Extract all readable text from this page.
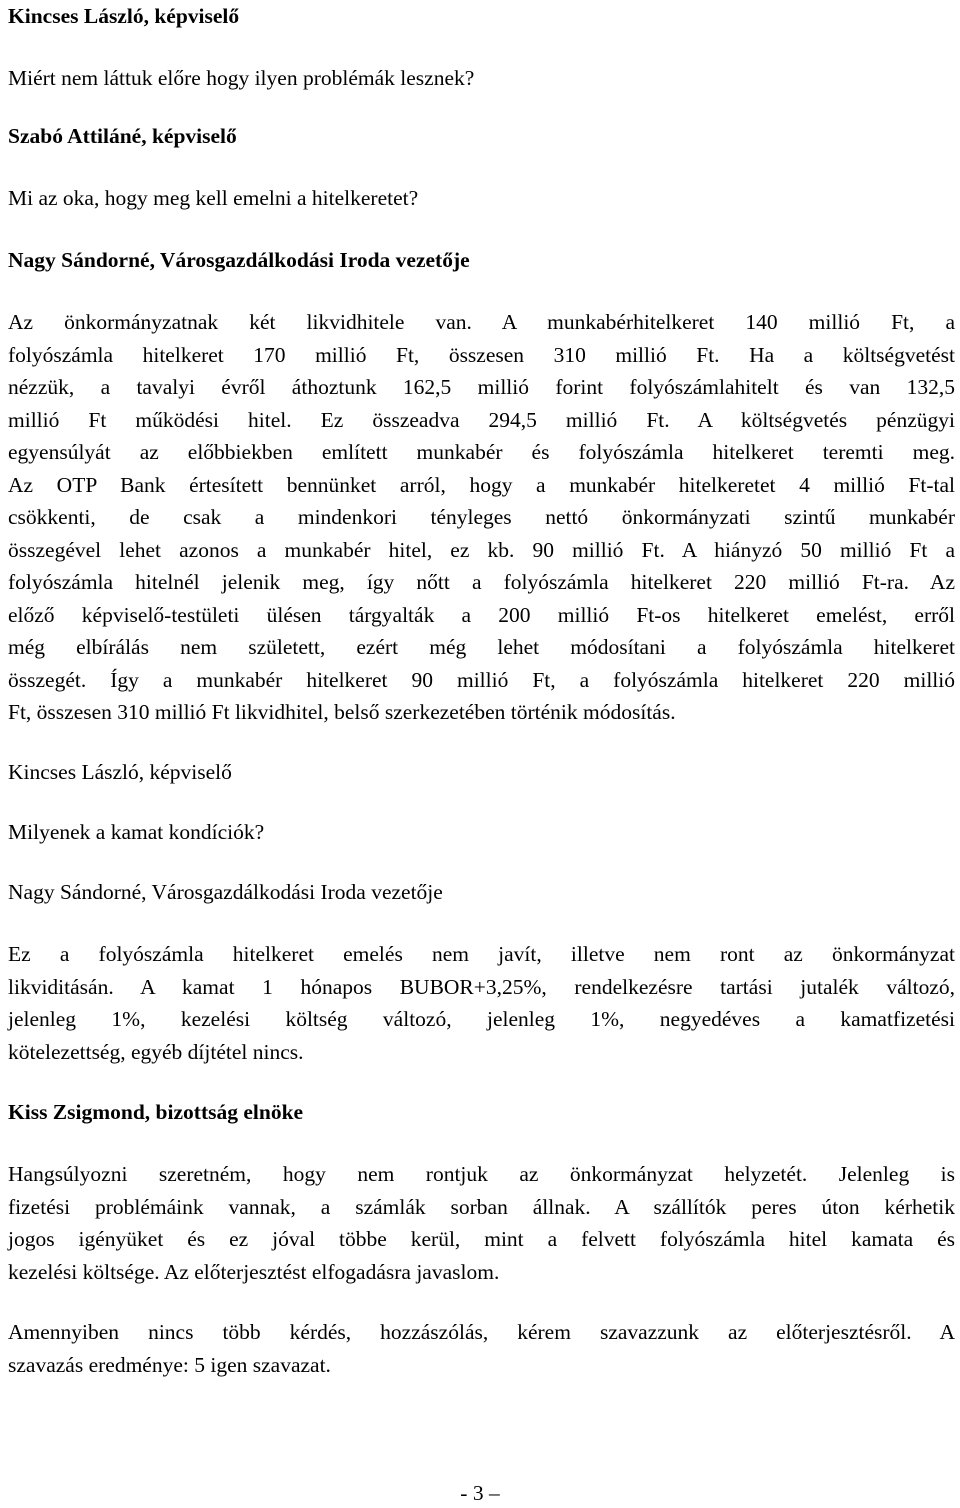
Kincses László, képviselő
Miért nem láttuk előre hogy ilyen problémák lesznek?
Szabó Attiláné, képviselő
Mi az oka, hogy meg kell emelni a hitelkeretet?
Nagy Sándorné, Városgazdálkodási Iroda vezetője
Az önkormányzatnak két likvidhitele van. A munkabérhitelkeret 140 millió Ft, a
folyószámla hitelkeret 170 millió Ft, összesen 310 millió Ft. Ha a költségvetést
nézzük, a tavalyi évről áthoztunk 162,5 millió forint folyószámlahitelt és van 132,5
millió Ft működési hitel. Ez összeadva 294,5 millió Ft. A költségvetés pénzügyi
egyensúlyát az előbbiekben említett munkabér és folyószámla hitelkeret teremti meg.
Az OTP Bank értesített bennünket arról, hogy a munkabér hitelkeretet 4 millió Ft-tal
csökkenti, de csak a mindenkori tényleges nettó önkormányzati szintű munkabér
összegével lehet azonos a munkabér hitel, ez kb. 90 millió Ft. A hiányzó 50 millió Ft a
folyószámla hitelnél jelenik meg, így nőtt a folyószámla hitelkeret 220 millió Ft-ra. Az
előző képviselő-testületi ülésen tárgyalták a 200 millió Ft-os hitelkeret emelést, erről
még elbírálás nem született, ezért még lehet módosítani a folyószámla hitelkeret
összegét. Így a munkabér hitelkeret 90 millió Ft, a folyószámla hitelkeret 220 millió
Ft, összesen 310 millió Ft likvidhitel, belső szerkezetében történik módosítás.
Kincses László, képviselő
Milyenek a kamat kondíciók?
Nagy Sándorné, Városgazdálkodási Iroda vezetője
Ez a folyószámla hitelkeret emelés nem javít, illetve nem ront az önkormányzat
likviditásán. A kamat 1 hónapos BUBOR+3,25%, rendelkezésre tartási jutalék változó,
jelenleg 1%, kezelési költség változó, jelenleg 1%, negyedéves a kamatfizetési
kötelezettség, egyéb díjtétel nincs.
Kiss Zsigmond, bizottság elnöke
Hangsúlyozni szeretném, hogy nem rontjuk az önkormányzat helyzetét. Jelenleg is
fizetési problémáink vannak, a számlák sorban állnak. A szállítók peres úton kérhetik
jogos igényüket és ez jóval többe kerül, mint a felvett folyószámla hitel kamata és
kezelési költsége. Az előterjesztést elfogadásra javaslom.
Amennyiben nincs több kérdés, hozzászólás, kérem szavazzunk az előterjesztésről. A
szavazás eredménye: 5 igen szavazat.
- 3 –
